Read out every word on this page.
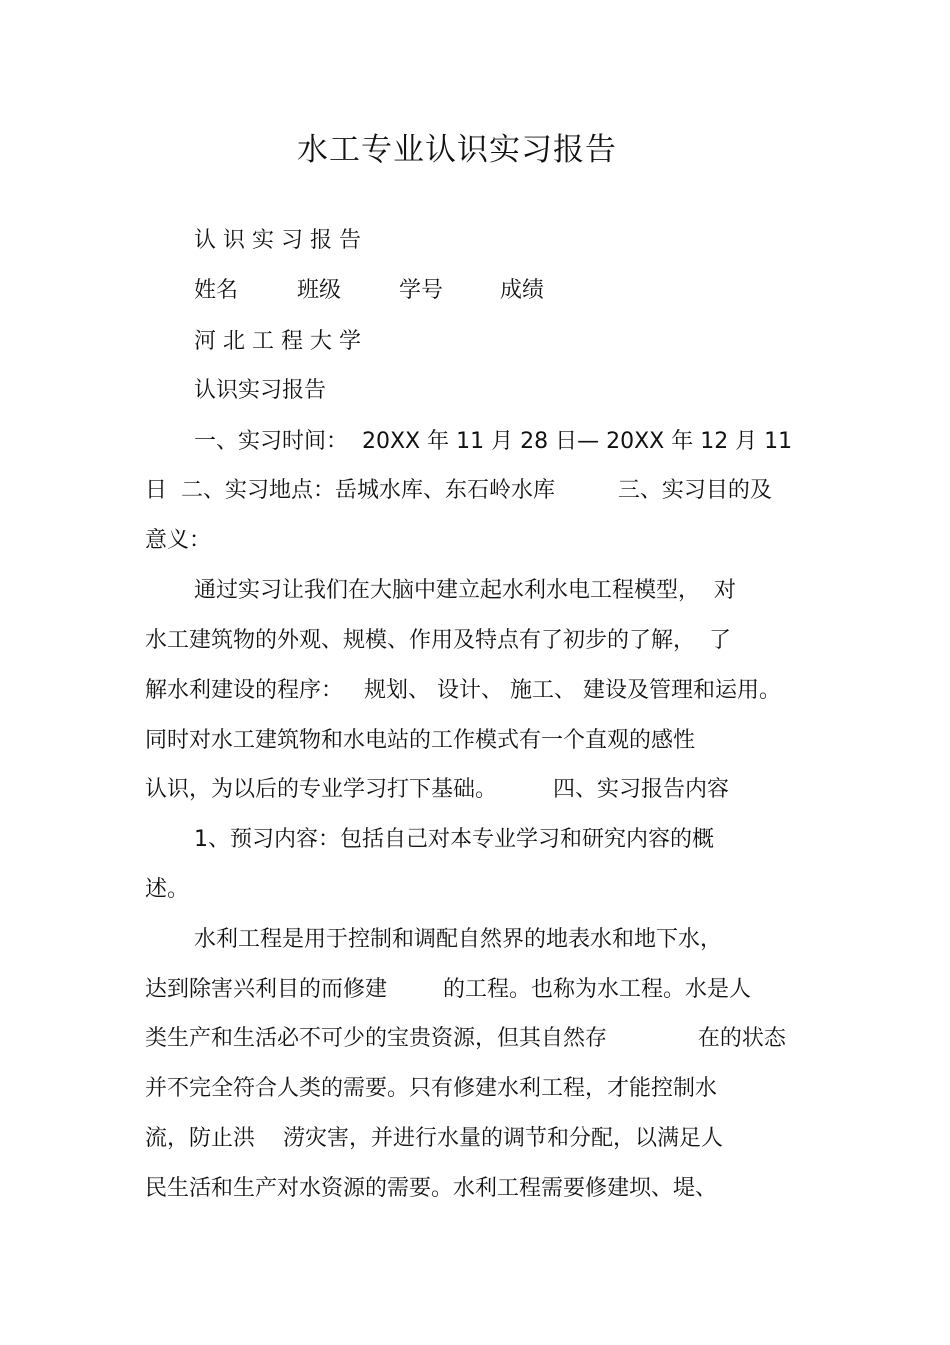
水工专业认识实习报告
认 识 实 习 报 告
姓名	班级	学号	成绩
河 北 工 程 大 学
认识实习报告
一、实习时间：  20XX 年 11 月 28 日— 20XX 年 12 月 11
日  二、实习地点：岳城水库、东石岭水库         三、实习目的及
意义：
通过实习让我们在大脑中建立起水利水电工程模型，  对
水工建筑物的外观、规模、作用及特点有了初步的了解，  了
解水利建设的程序：   规划、 设计、 施工、 建设及管理和运用。
同时对水工建筑物和水电站的工作模式有一个直观的感性
认识，为以后的专业学习打下基础。        四、实习报告内容
1、预习内容：包括自己对本专业学习和研究内容的概
述。
水利工程是用于控制和调配自然界的地表水和地下水，
达到除害兴利目的而修建        的工程。也称为水工程。水是人
类生产和生活必不可少的宝贵资源，但其自然存             在的状态
并不完全符合人类的需要。只有修建水利工程，才能控制水
流，防止洪    涝灾害，并进行水量的调节和分配，以满足人
民生活和生产对水资源的需要。水利工程需要修建坝、堤、
